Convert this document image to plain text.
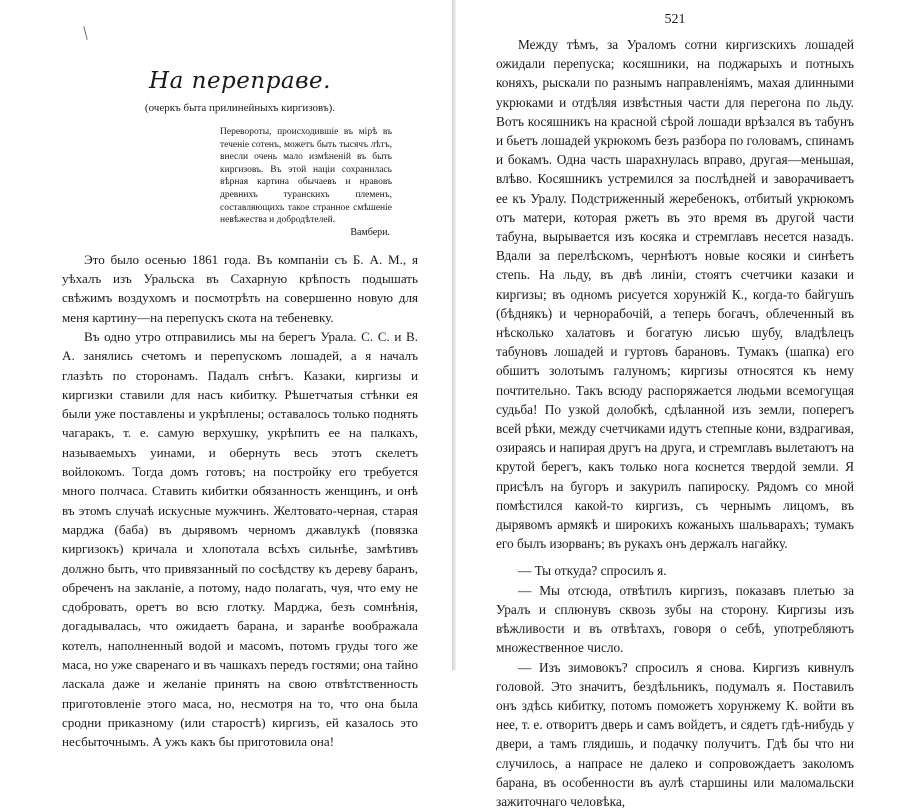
На переправе.
(очеркъ быта прилинейныхъ киргизовъ).
Перевороты, происходившіе въ мірѣ въ теченіе сотенъ, можетъ быть тысячъ лѣтъ, внесли очень мало измѣненій въ быть киргизовъ. Въ этой націи сохранилась вѣрная картина обычаевъ и нравовъ древнихъ туранскихъ племенъ, составляющихъ такое странное смѣшеніе невѣжества и добродѣтелей.
Вамбери.

Это было осенью 1861 года. Въ компаніи съ Б. А. М., я уѣхалъ изъ Уральска въ Сахарную крѣпость подышать свѣжимъ воздухомъ и посмотрѣть на совершенно новую для меня картину—на перепускъ скота на тебеневку.

Въ одно утро отправились мы на берегъ Урала. С. С. и В. А. занялись счетомъ и перепускомъ лошадей, а я началъ глазѣть по сторонамъ. Падалъ снѣгъ. Казаки, киргизы и киргизки ставили для насъ кибитку. Рѣшетчатыя стѣнки ея были уже поставлены и укрѣплены; оставалось только поднять чагаракъ, т. е. самую верхушку, укрѣпить ее на палкахъ, называемыхъ уинами, и обернуть весь этотъ скелетъ войлокомъ. Тогда домъ готовъ; на постройку его требуется много полчаса. Ставить кибитки обязанность женщинъ, и онѣ въ этомъ случаѣ искусные мужчинъ. Желтовато-черная, старая марджа (баба) въ дырявомъ черномъ джавлукѣ (повязка киргизокъ) кричала и хлопотала всѣхъ сильнѣе, замѣтивъ должно быть, что привязанный по сосѣдству къ дереву баранъ, обреченъ на закланіе, а потому, надо полагать, чуя, что ему не сдобровать, оретъ во всю глотку. Марджа, безъ сомнѣнія, догадывалась, что ожидаетъ барана, и заранѣе воображала котелъ, наполненный водой и масомъ, потомъ груды того же маса, но уже сваренаго и въ чашкахъ передъ гостями; она тайно ласкала даже и желаніе принять на свою отвѣтственность приготовленіе этого маса, но, несмотря на то, что она была сродни приказному (или старостѣ) киргизъ, ей казалось это несбыточнымъ. А ужъ какъ бы приготовила она!

521

Между тѣмъ, за Ураломъ сотни киргизскихъ лошадей ожидали перепуска; косяшники, на поджарыхъ и потныхъ коняхъ, рыскали по разнымъ направленіямъ, махая длинными укрюками и отдѣляя извѣстныя части для перегона по льду. Вотъ косяшникъ на красной сѣрой лошади врѣзался въ табунъ и бьетъ лошадей укрюкомъ безъ разбора по головамъ, спинамъ и бокамъ. Одна часть шарахнулась вправо, другая—меньшая, влѣво. Косяшникъ устремился за послѣдней и заворачиваетъ ее къ Уралу. Подстриженный жеребенокъ, отбитый укрюкомъ отъ матери, которая ржетъ въ это время въ другой части табуна, вырывается изъ косяка и стремглавъ несется назадъ. Вдали за перелѣскомъ, чернѣютъ новые косяки и синѣетъ степь. На льду, въ двѣ линіи, стоятъ счетчики казаки и киргизы; въ одномъ рисуется хорунжій К., когда-то байгушъ (бѣднякъ) и чернорабочій, а теперь богачъ, облеченный въ нѣсколько халатовъ и богатую лисью шубу, владѣлецъ табуновъ лошадей и гуртовъ барановъ. Тумакъ (шапка) его обшитъ золотымъ галуномъ; киргизы относятся къ нему почтительно. Такъ всюду распоряжается людьми всемогущая судьба! По узкой долобкѣ, сдѣланной изъ земли, поперегъ всей рѣки, между счетчиками идутъ степные кони, вздрагивая, озираясь и напирая другъ на друга, и стремглавъ вылетаютъ на крутой берегъ, какъ только нога коснется твердой земли. Я присѣлъ на бугоръ и закурилъ папироску. Рядомъ со мной помѣстился какой-то киргизъ, съ чернымъ лицомъ, въ дырявомъ армякѣ и широкихъ кожаныхъ шальварахъ; тумакъ его былъ изорванъ; въ рукахъ онъ держалъ нагайку.

— Ты откуда? спросилъ я.

— Мы отсюда, отвѣтилъ киргизъ, показавъ плетью за Уралъ и сплюнувъ сквозь зубы на сторону. Киргизы изъ вѣжливости и въ отвѣтахъ, говоря о себѣ, употребляютъ множественное число.

— Изъ зимовокъ? спросилъ я снова. Киргизъ кивнулъ головой. Это значитъ, бездѣльникъ, подумалъ я. Поставилъ онъ здѣсь кибитку, потомъ поможетъ хорунжему К. войти въ нее, т. е. отворитъ дверь и самъ войдетъ, и сядетъ гдѣ-нибудь у двери, а тамъ глядишь, и подачку получитъ. Гдѣ бы что ни случилось, а напрасе не далеко и сопровождаетъ заколомъ барана, въ особенности въ аулѣ старшины или маломальски зажиточнаго человѣка,
